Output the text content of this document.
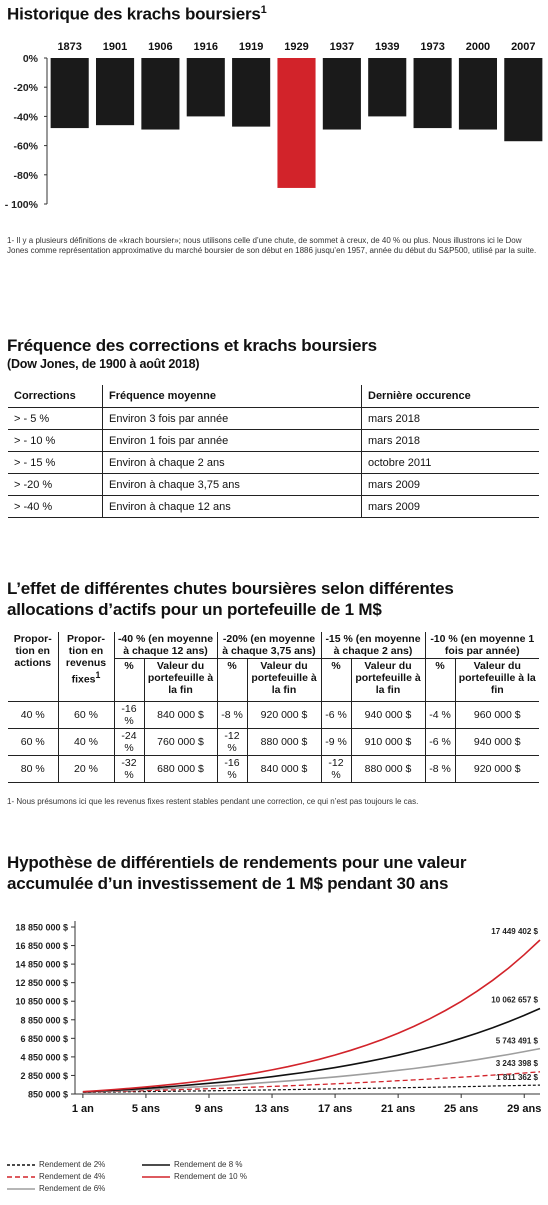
Historique des krachs boursiers$^1$
0%
-20%
-40%
-60%
-80%
- 100%
1873 1901 1906 1916 1919 1929 1937 1939 1973 2000 2007
1- Il y a plusieurs définitions de «krach boursier»; nous utilisons celle d’une chute, de sommet à creux, de 40 % ou plus. Nous illustrons ici le Dow Jones comme représentation approximative du marché boursier de son début en 1886 jusqu’en 1957, année du début du S&P500, utilisé par la suite.
Fréquence des corrections et krachs boursiers
(Dow Jones, de 1900 à août 2018)
Corrections	Fréquence moyenne	Dernière occurence
> - 5 %	Environ 3 fois par année	mars 2018
> - 10 %	Environ 1 fois par année	mars 2018
> - 15 %	Environ à chaque 2 ans	octobre 2011
> -20 %	Environ à chaque 3,75 ans	mars 2009
> -40 %	Environ à chaque 12 ans	mars 2009
L’effet de différentes chutes boursières selon différentes allocations d’actifs pour un portefeuille de 1 M$
Propor-tion en actions	Propor-tion en revenus fixes$^1$	-40 % (en moyenne à chaque 12 ans)		-20% (en moyenne à chaque 3,75 ans)		-15 % (en moyenne à chaque 2 ans)		-10 % (en moyenne 1 fois par année)	
		%	Valeur du portefeuille à la fin	%	Valeur du portefeuille à la fin	%	Valeur du portefeuille à la fin	%	Valeur du portefeuille à la fin
40 %	60 %	-16 %	840 000 $	-8 %	920 000 $	-6 %	940 000 $	-4 %	960 000 $
60 %	40 %	-24 %	760 000 $	-12 %	880 000 $	-9 %	910 000 $	-6 %	940 000 $
80 %	20 %	-32 %	680 000 $	-16 %	840 000 $	-12 %	880 000 $	-8 %	920 000 $
1- Nous présumons ici que les revenus fixes restent stables pendant une correction, ce qui n’est pas toujours le cas.
Hypothèse de différentiels de rendements pour une valeur
accumulée d’un investissement de 1 M$ pendant 30 ans
850 000 $
2 850 000 $
4 850 000 $
6 850 000 $
8 850 000 $
10 850 000 $
12 850 000 $
14 850 000 $
16 850 000 $
18 850 000 $
1 an	5 ans	9 ans	13 ans	17 ans	21 ans	25 ans	29 ans
1 811 362 $
3 243 398 $
5 743 491 $
10 062 657 $
17 449 402 $
Rendement de 2%
Rendement de 4%
Rendement de 6%
Rendement de 8 %
Rendement de 10 %
